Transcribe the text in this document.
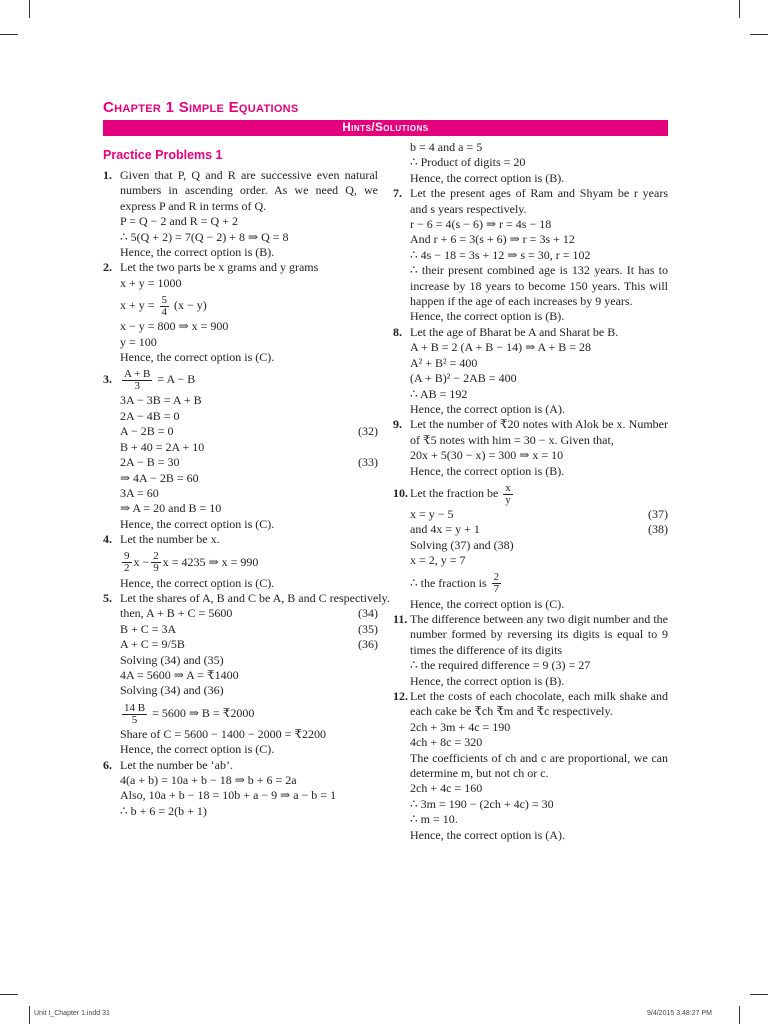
Chapter 1 Simple Equations
Hints/Solutions
Practice Problems 1
1. Given that P, Q and R are successive even natural numbers in ascending order. As we need Q, we express P and R in terms of Q.
P = Q − 2 and R = Q + 2
∴ 5(Q + 2) = 7(Q − 2) + 8 ⇒ Q = 8
Hence, the correct option is (B).
2. Let the two parts be x grams and y grams
x + y = 1000
$x + y = \frac{5}{4} (x - y)$
x − y = 800 ⇒ x = 900
y = 100
Hence, the correct option is (C).
3. $\frac{A + B}{3} = A - B$
3A − 3B = A + B
2A − 4B = 0
A − 2B = 0	(32)
B + 40 = 2A + 10
2A − B = 30	(33)
⇒ 4A − 2B = 60
3A = 60
⇒ A = 20 and B = 10
Hence, the correct option is (C).
4. Let the number be x.
$\frac{9}{2}$ $x - \frac{2}{9}$ x = 4235 ⇒ x = 990
Hence, the correct option is (C).
5. Let the shares of A, B and C be A, B and C respectively.
then, A + B + C = 5600	(34)
B + C = 3A	(35)
A + C = 9/5B	(36)
Solving (34) and (35)
4A = 5600 ⇒ A = ₹1400
Solving (34) and (36)
$\frac{14 B}{5} = 5600$ ⇒ B = ₹2000
Share of C = 5600 − 1400 − 2000 = ₹2200
Hence, the correct option is (C).
6. Let the number be ‘ab’.
4(a + b) = 10a + b − 18 ⇒ b + 6 = 2a
Also, 10a + b − 18 = 10b + a − 9 ⇒ a − b = 1
∴ b + 6 = 2(b + 1)
b = 4 and a = 5
∴ Product of digits = 20
Hence, the correct option is (B).
7. Let the present ages of Ram and Shyam be r years and s years respectively.
r − 6 = 4(s − 6) ⇒ r = 4s − 18
And r + 6 = 3(s + 6) ⇒ r = 3s + 12
∴ 4s − 18 = 3s + 12 ⇒ s = 30, r = 102
∴ their present combined age is 132 years. It has to increase by 18 years to become 150 years. This will happen if the age of each increases by 9 years.
Hence, the correct option is (B).
8. Let the age of Bharat be A and Sharat be B.
A + B = 2 (A + B − 14) ⇒ A + B = 28
A² + B² = 400
(A + B)² − 2AB = 400
∴ AB = 192
Hence, the correct option is (A).
9. Let the number of ₹20 notes with Alok be x. Number of ₹5 notes with him = 30 − x. Given that,
20x + 5(30 − x) = 300 ⇒ x = 10
Hence, the correct option is (B).
10. Let the fraction be $\frac{x}{y}$
x = y − 5	(37)
and 4x = y + 1	(38)
Solving (37) and (38)
x = 2, y = 7
∴ the fraction is $\frac{2}{7}$
Hence, the correct option is (C).
11. The difference between any two digit number and the number formed by reversing its digits is equal to 9 times the difference of its digits
∴ the required difference = 9 (3) = 27
Hence, the correct option is (B).
12. Let the costs of each chocolate, each milk shake and each cake be ₹ch ₹m and ₹c respectively.
2ch + 3m + 4c = 190
4ch + 8c = 320
The coefficients of ch and c are proportional, we can determine m, but not ch or c.
2ch + 4c = 160
∴ 3m = 190 − (2ch + 4c) = 30
∴ m = 10.
Hence, the correct option is (A).
Unit I_Chapter 1.indd 31	9/4/2015 3:48:27 PM
